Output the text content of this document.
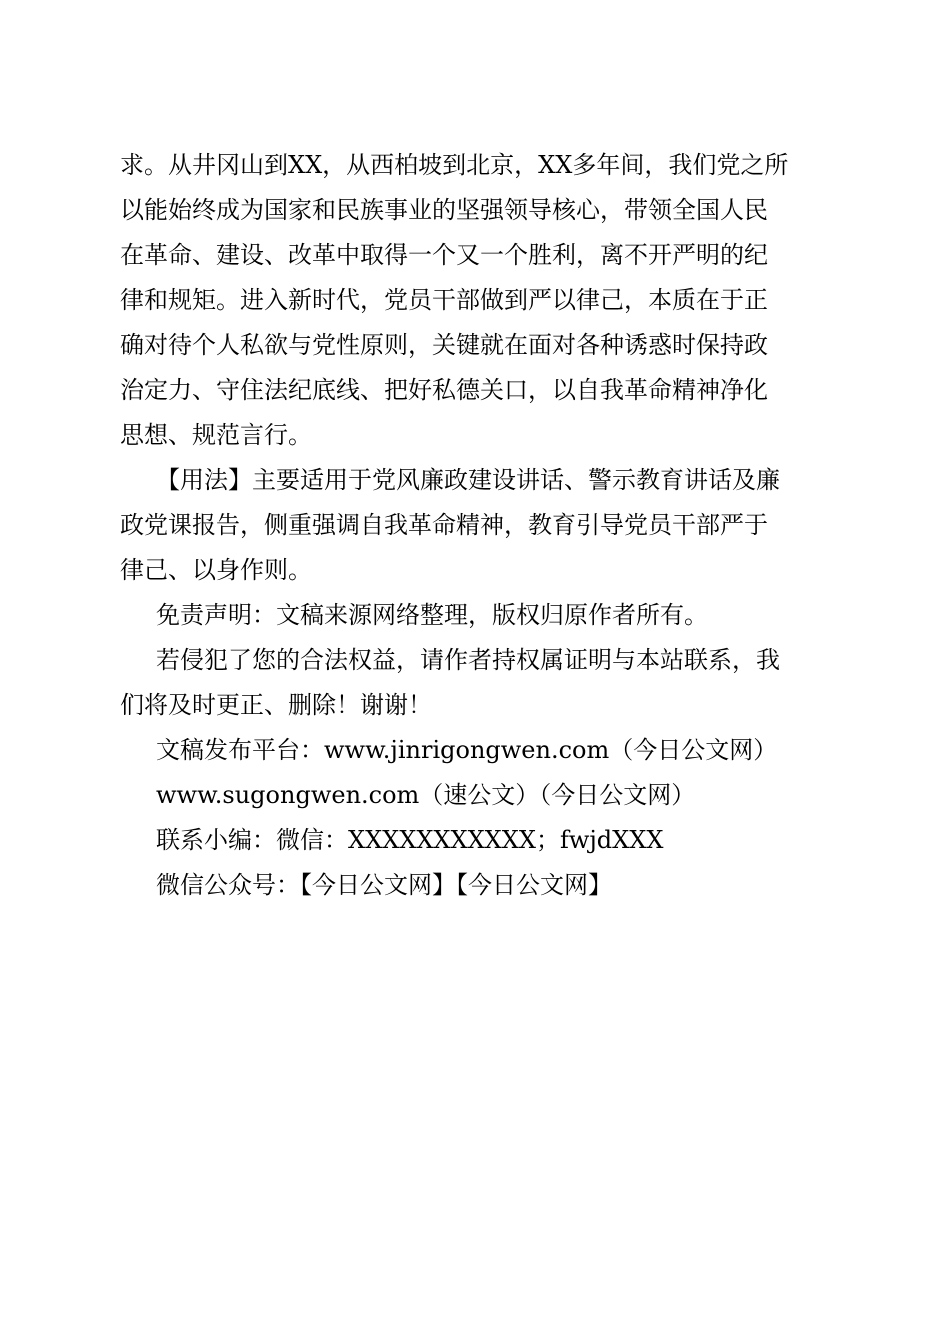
求。从井冈山到XX，从西柏坡到北京，XX多年间，我们党之所
以能始终成为国家和民族事业的坚强领导核心，带领全国人民
在革命、建设、改革中取得一个又一个胜利，离不开严明的纪
律和规矩。进入新时代，党员干部做到严以律己，本质在于正
确对待个人私欲与党性原则，关键就在面对各种诱惑时保持政
治定力、守住法纪底线、把好私德关口，以自我革命精神净化
思想、规范言行。
【用法】主要适用于党风廉政建设讲话、警示教育讲话及廉
政党课报告，侧重强调自我革命精神，教育引导党员干部严于
律己、以身作则。
免责声明：文稿来源网络整理，版权归原作者所有。
若侵犯了您的合法权益，请作者持权属证明与本站联系，我
们将及时更正、删除！谢谢！
文稿发布平台：www.jinrigongwen.com（今日公文网）
www.sugongwen.com（速公文）（今日公文网）
联系小编：微信：XXXXXXXXXXX；fwjdXXX
微信公众号：【今日公文网】【今日公文网】
